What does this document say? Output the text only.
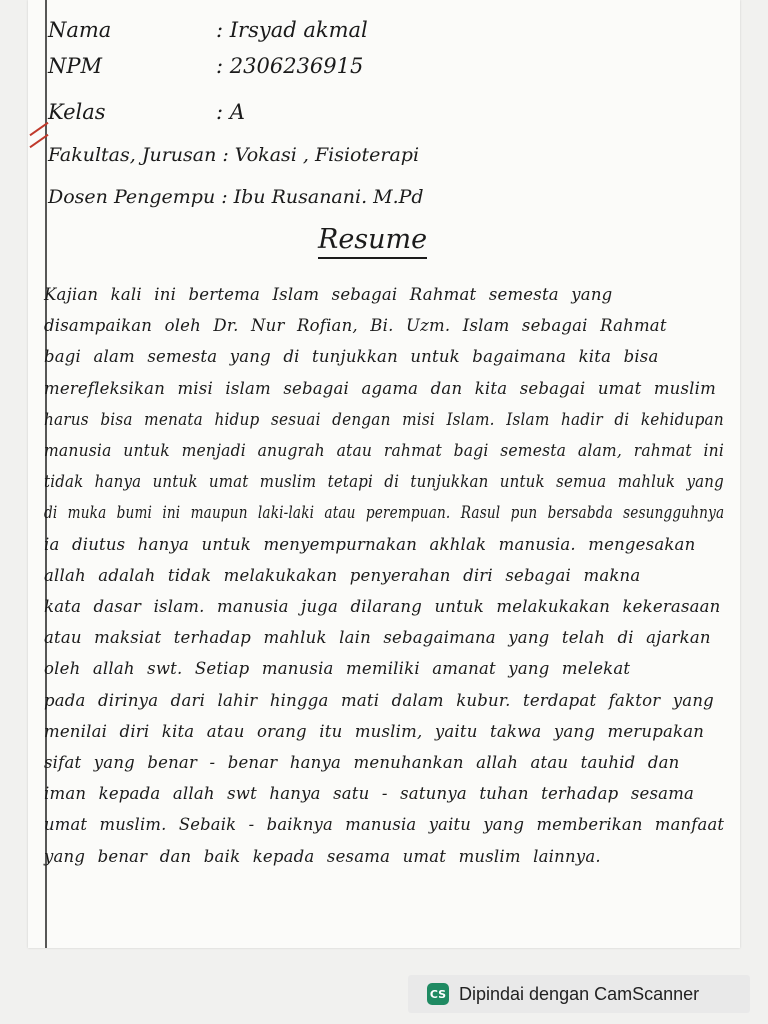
Nama	: Irsyad akmal
NPM	: 2306236915
Kelas	: A
Fakultas, Jurusan : Vokasi , Fisioterapi
Dosen Pengempu : Ibu Rusanani. M.Pd
Resume
Kajian kali ini bertema Islam sebagai Rahmat semesta yang
disampaikan oleh Dr. Nur Rofian, Bi. Uzm. Islam sebagai Rahmat
bagi alam semesta yang di tunjukkan untuk bagaimana kita bisa
merefleksikan misi islam sebagai agama dan kita sebagai umat muslim
harus bisa menata hidup sesuai dengan misi Islam. Islam hadir di kehidupan
manusia untuk menjadi anugrah atau rahmat bagi semesta alam, rahmat ini
tidak hanya untuk umat muslim tetapi di tunjukkan untuk semua mahluk yang
di muka bumi ini maupun laki-laki atau perempuan. Rasul pun bersabda sesungguhnya
ia diutus hanya untuk menyempurnakan akhlak manusia. mengesakan
allah adalah tidak melakukakan penyerahan diri sebagai makna
kata dasar islam. manusia juga dilarang untuk melakukakan kekerasaan
atau maksiat terhadap mahluk lain sebagaimana yang telah di ajarkan
oleh allah swt. Setiap manusia memiliki amanat yang melekat
pada dirinya dari lahir hingga mati dalam kubur. terdapat faktor yang
menilai diri kita atau orang itu muslim, yaitu takwa yang merupakan
sifat yang benar - benar hanya menuhankan allah atau tauhid dan
iman kepada allah swt hanya satu - satunya tuhan terhadap sesama
umat muslim. Sebaik - baiknya manusia yaitu yang memberikan manfaat
yang benar dan baik kepada sesama umat muslim lainnya.
CS Dipindai dengan CamScanner
